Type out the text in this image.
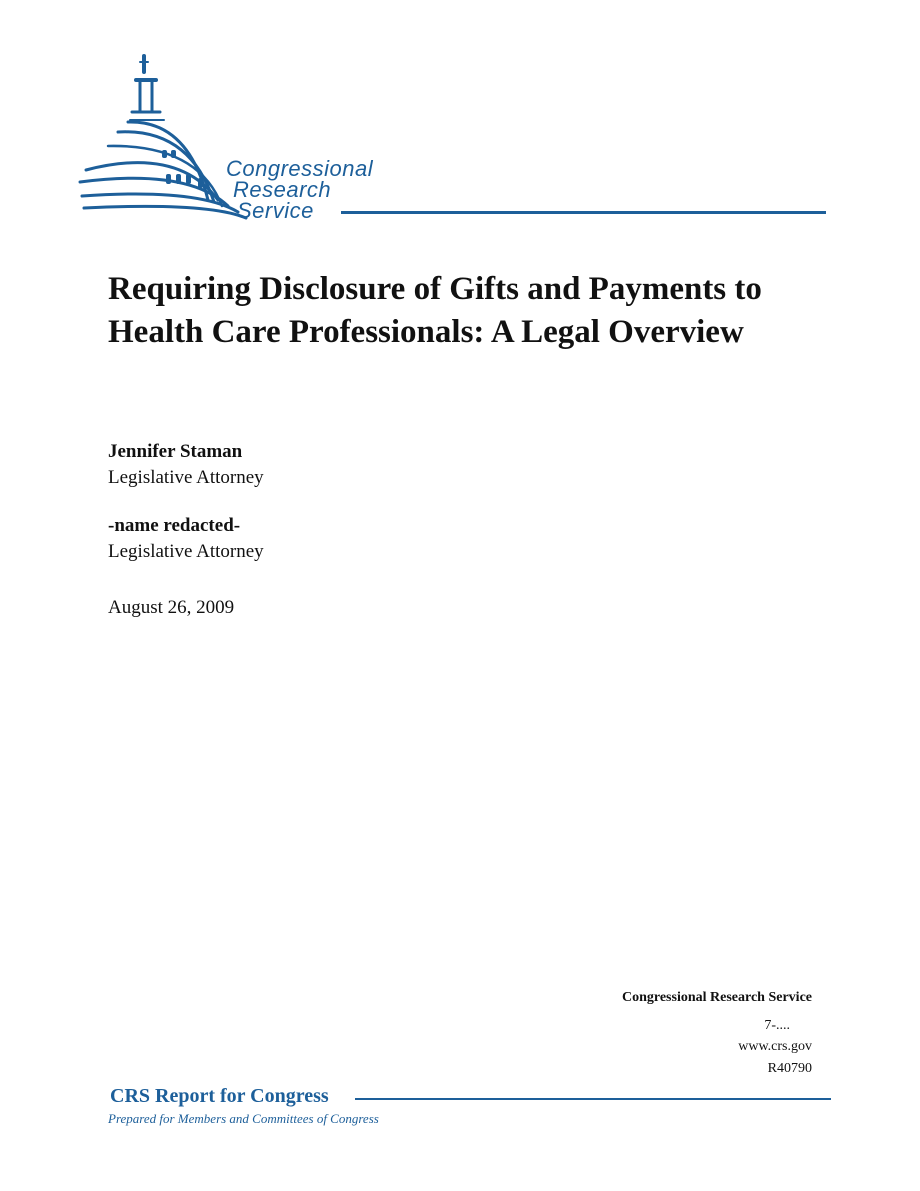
Congressional
Research
Service
Requiring Disclosure of Gifts and Payments to Health Care Professionals: A Legal Overview
Jennifer Staman
Legislative Attorney
-name redacted-
Legislative Attorney
August 26, 2009
Congressional Research Service
7-....
www.crs.gov
R40790
CRS Report for Congress
Prepared for Members and Committees of Congress
